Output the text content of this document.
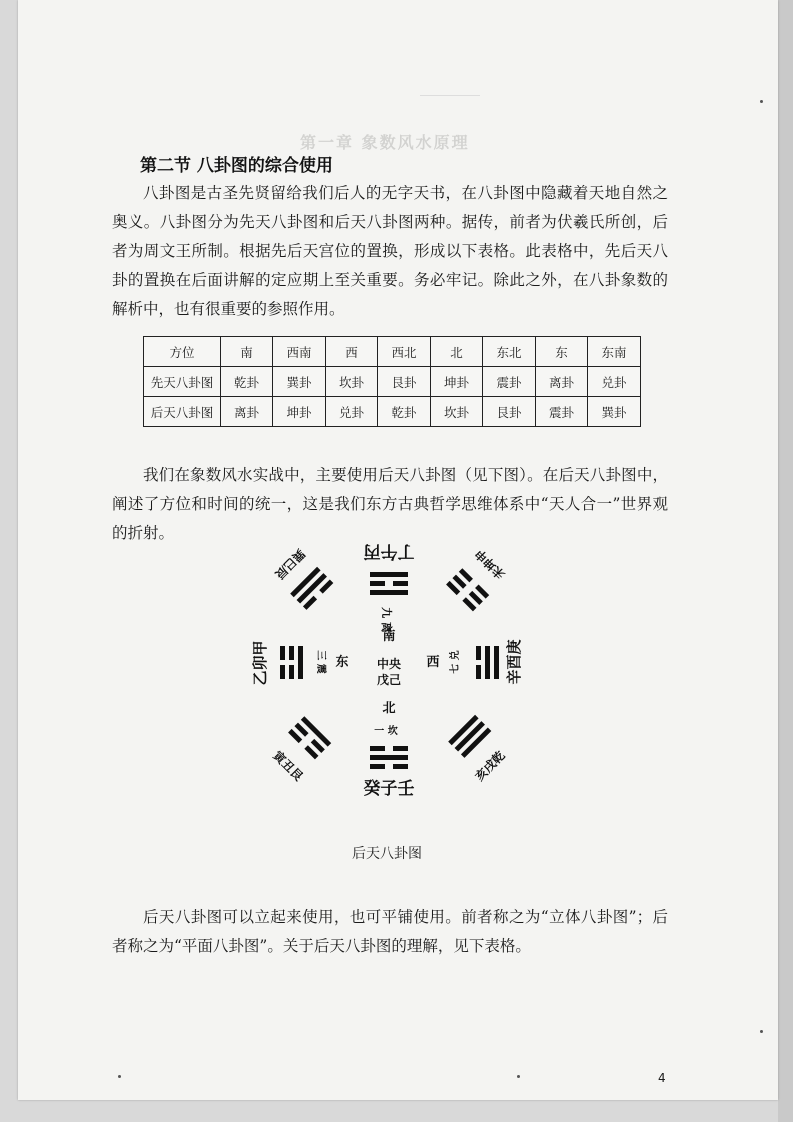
第一章 象数风水原理
第二节 八卦图的综合使用
八卦图是古圣先贤留给我们后人的无字天书，在八卦图中隐藏着天地自然之奥义。八卦图分为先天八卦图和后天八卦图两种。据传，前者为伏羲氏所创，后者为周文王所制。根据先后天宫位的置换，形成以下表格。此表格中，先后天八卦的置换在后面讲解的定应期上至关重要。务必牢记。除此之外，在八卦象数的解析中，也有很重要的参照作用。
方位	南	西南	西	西北	北	东北	东	东南
先天八卦图	乾卦	巽卦	坎卦	艮卦	坤卦	震卦	离卦	兑卦
后天八卦图	离卦	坤卦	兑卦	乾卦	坎卦	艮卦	震卦	巽卦
我们在象数风水实战中，主要使用后天八卦图（见下图）。在后天八卦图中，阐述了方位和时间的统一，这是我们东方古典哲学思维体系中“天人合一”世界观的折射。
丁午丙
九 离
南
乙卯甲	三 震 东 中央
戊己
西 七 兑	辛酉庚
北
一 坎
癸子壬
巽巳辰	未坤申
寅丑艮	亥戌乾
后天八卦图
后天八卦图可以立起来使用，也可平铺使用。前者称之为“立体八卦图”；后者称之为“平面八卦图”。关于后天八卦图的理解，见下表格。
4
